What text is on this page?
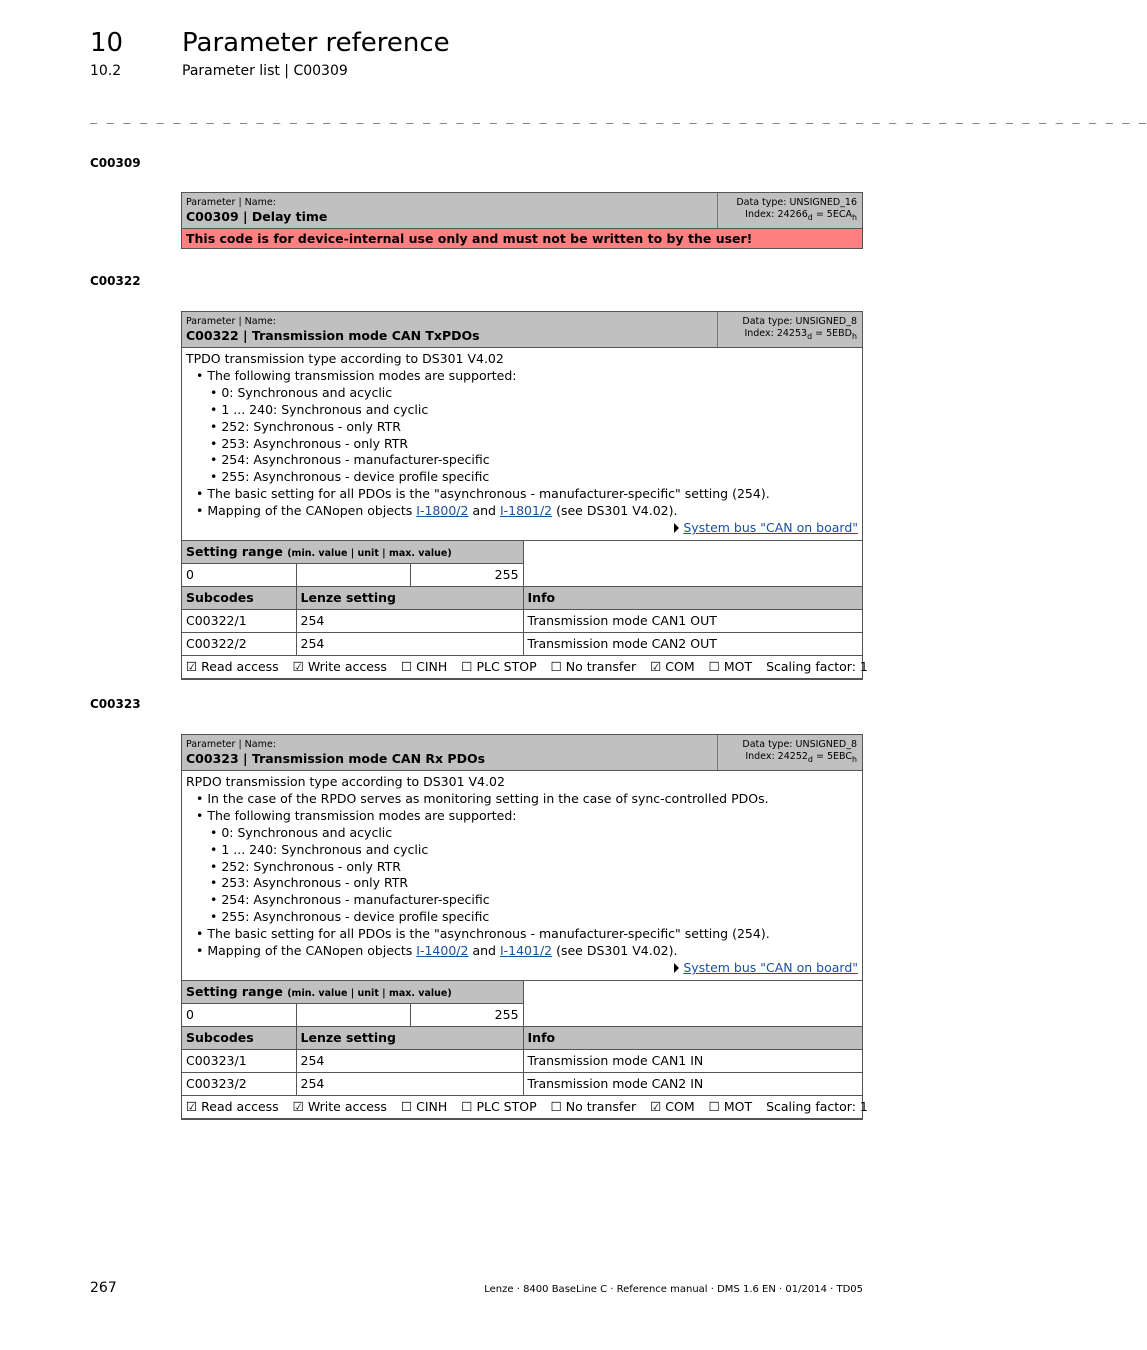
10 Parameter reference
10.2	Parameter list | C00309
_ _ _ _ _ _ _ _ _ _ _ _ _ _ _ _ _ _ _ _ _ _ _ _ _ _ _ _ _ _ _ _ _ _ _ _ _ _ _ _ _ _ _ _ _ _ _ _ _ _ _ _ _ _ _ _ _ _ _ _ _ _ _ _
C00309
Parameter | Name:
C00309 | Delay time
Data type: UNSIGNED_16
Index: $24266_d = 5ECA_h$
This code is for device-internal use only and must not be written to by the user!
C00322
Parameter | Name:
C00322 | Transmission mode CAN TxPDOs
Data type: UNSIGNED_8
Index: $24253_d = 5EBD_h$
TPDO transmission type according to DS301 V4.02
• The following transmission modes are supported:
• 0: Synchronous and acyclic
• 1 ... 240: Synchronous and cyclic
• 252: Synchronous - only RTR
• 253: Asynchronous - only RTR
• 254: Asynchronous - manufacturer-specific
• 255: Asynchronous - device profile specific
• The basic setting for all PDOs is the "asynchronous - manufacturer-specific" setting (254).
• Mapping of the CANopen objects I-1800/2 and I-1801/2 (see DS301 V4.02).
System bus "CAN on board"
Setting range (min. value | unit | max. value)			
0		255	
Subcodes	Lenze setting		Info
C00322/1	254		Transmission mode CAN1 OUT
C00322/2	254		Transmission mode CAN2 OUT
☑ Read access ☑ Write access ☐ CINH ☐ PLC STOP ☐ No transfer ☑ COM ☐ MOT Scaling factor: 1			
C00323
Parameter | Name:
C00323 | Transmission mode CAN Rx PDOs
Data type: UNSIGNED_8
Index: $24252_d = 5EBC_h$
RPDO transmission type according to DS301 V4.02
• In the case of the RPDO serves as monitoring setting in the case of sync-controlled PDOs.
• The following transmission modes are supported:
• 0: Synchronous and acyclic
• 1 ... 240: Synchronous and cyclic
• 252: Synchronous - only RTR
• 253: Asynchronous - only RTR
• 254: Asynchronous - manufacturer-specific
• 255: Asynchronous - device profile specific
• The basic setting for all PDOs is the "asynchronous - manufacturer-specific" setting (254).
• Mapping of the CANopen objects I-1400/2 and I-1401/2 (see DS301 V4.02).
System bus "CAN on board"
Setting range (min. value | unit | max. value)			
0		255	
Subcodes	Lenze setting		Info
C00323/1	254		Transmission mode CAN1 IN
C00323/2	254		Transmission mode CAN2 IN
☑ Read access ☑ Write access ☐ CINH ☐ PLC STOP ☐ No transfer ☑ COM ☐ MOT Scaling factor: 1			
267	Lenze · 8400 BaseLine C · Reference manual · DMS 1.6 EN · 01/2014 · TD05
